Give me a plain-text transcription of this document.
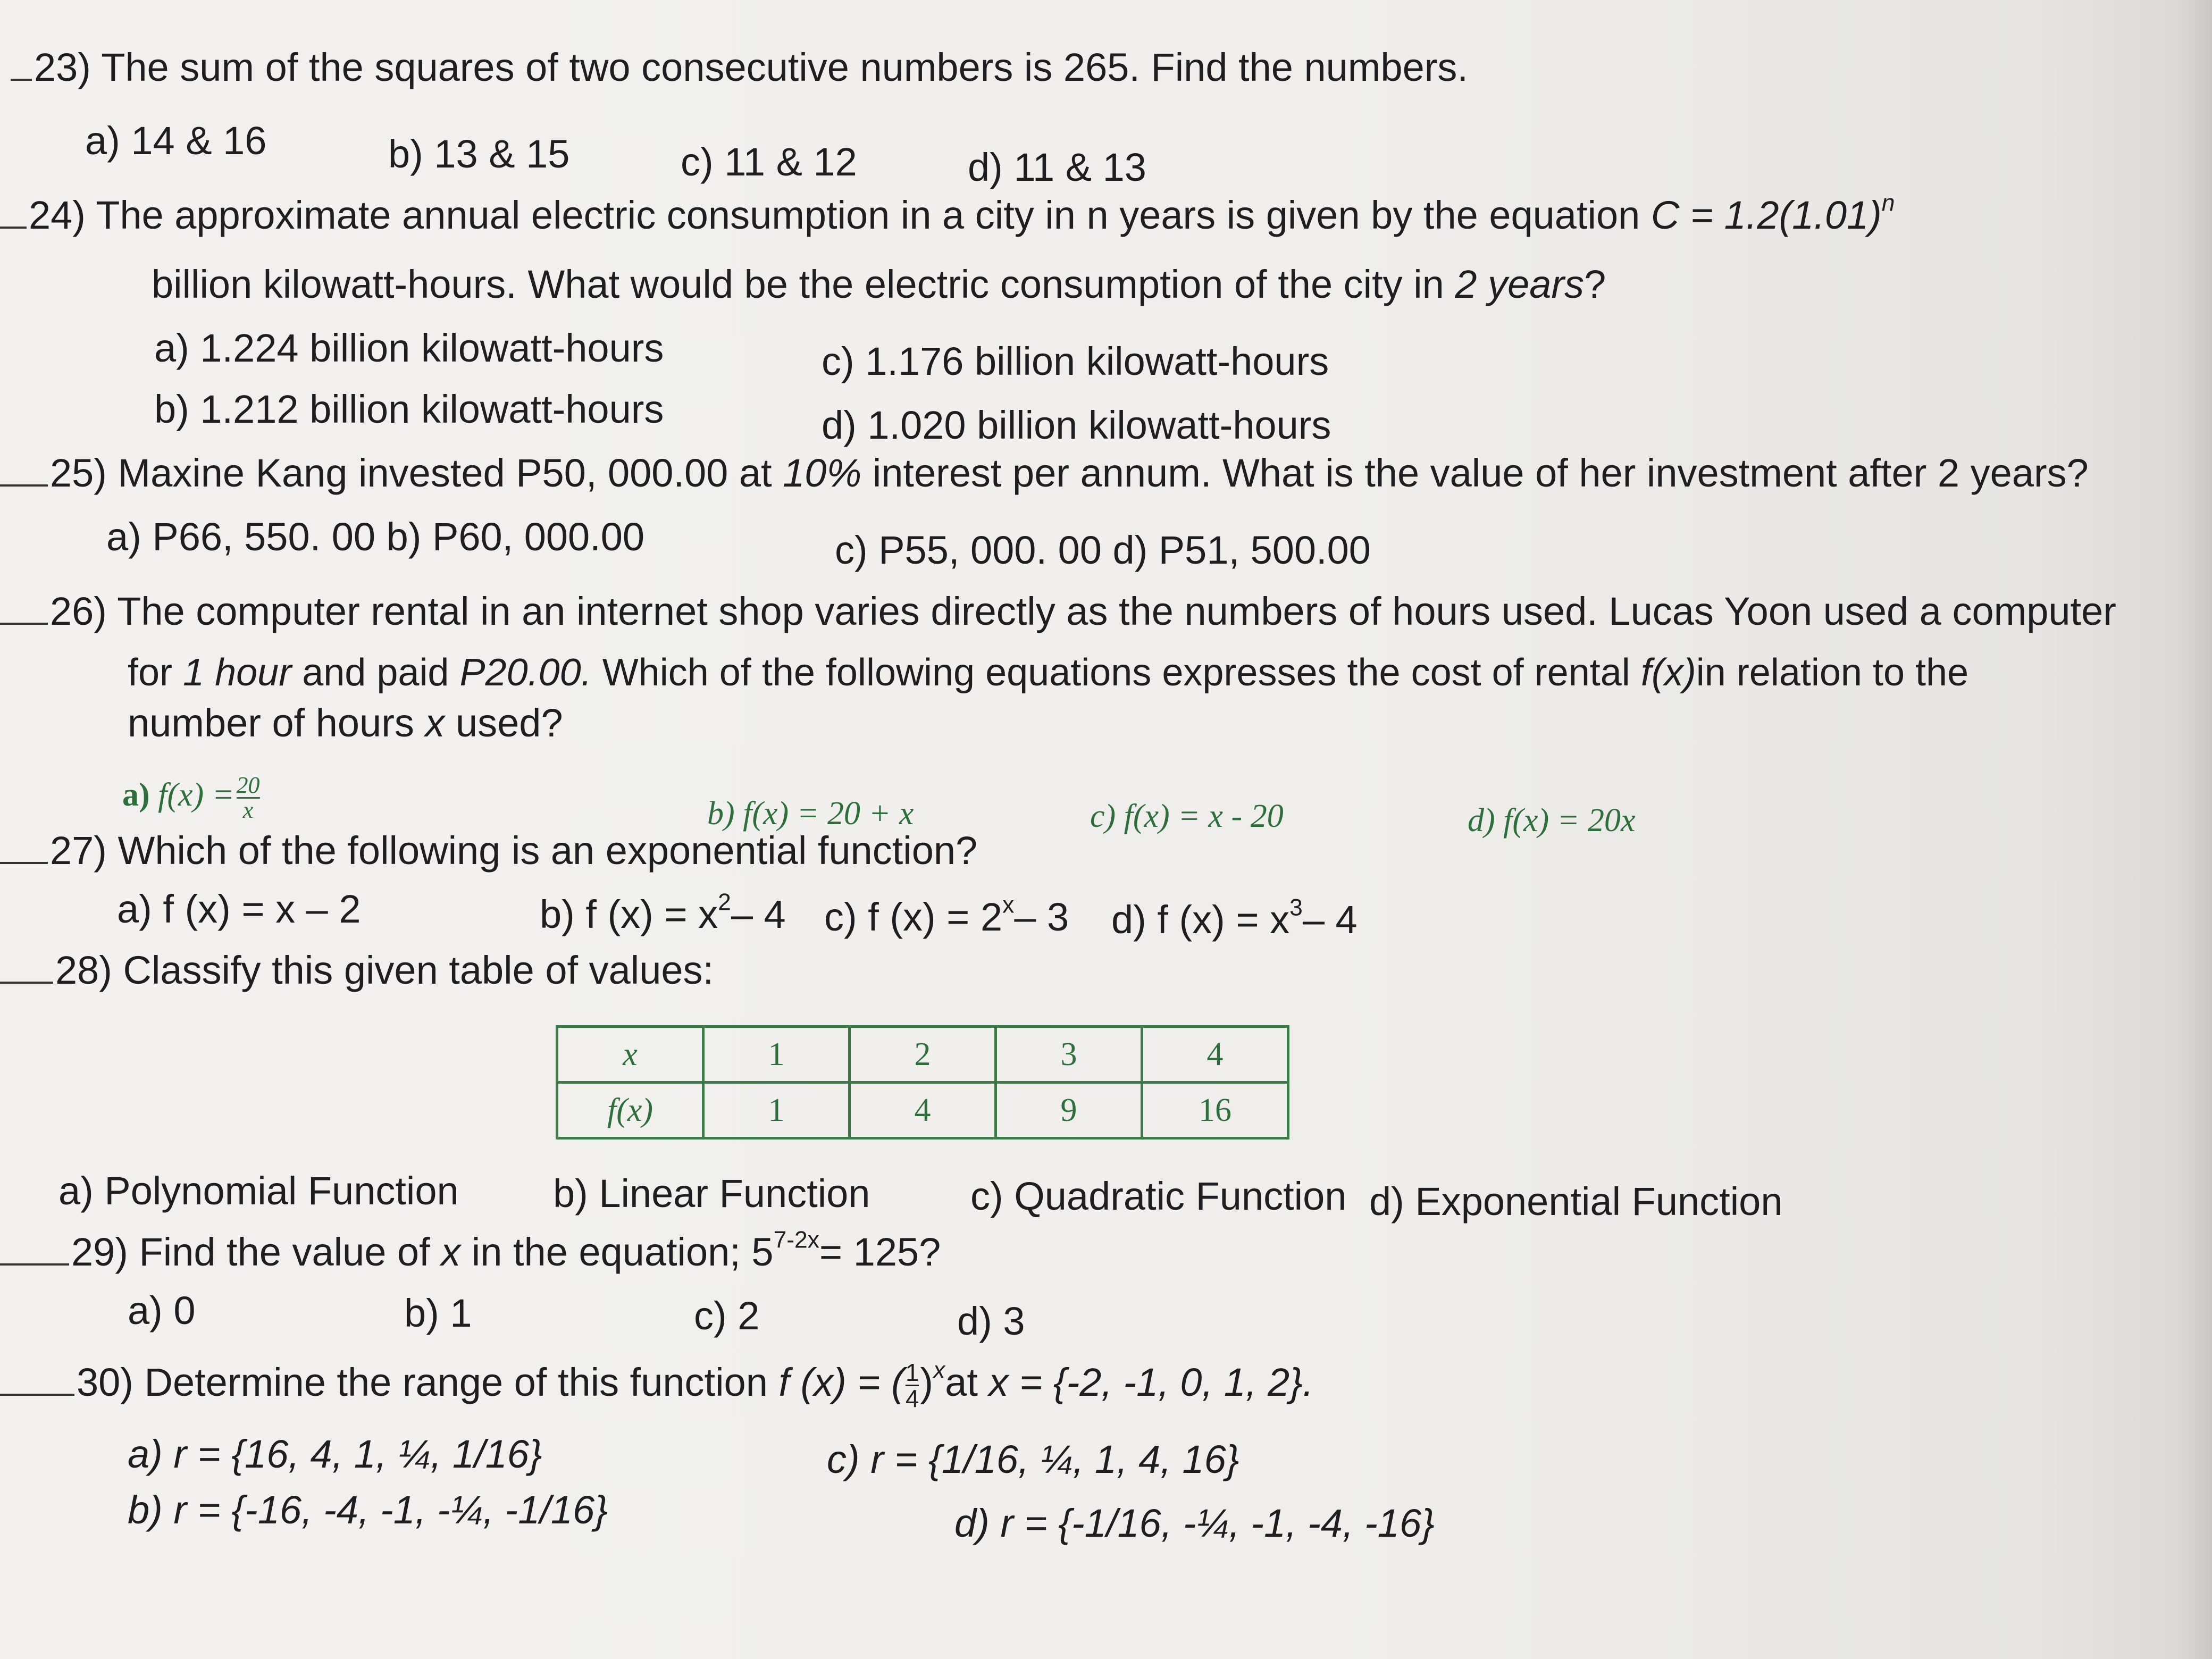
23) The sum of the squares of two consecutive numbers is 265. Find the numbers.
a) 14 & 16	b) 13 & 15	c) 11 & 12	d) 11 & 13
24) The approximate annual electric consumption in a city in n years is given by the equation $C = 1.2(1.01)^n$
billion kilowatt-hours. What would be the electric consumption of the city in 2 years?
a) 1.224 billion kilowatt-hours
b) 1.212 billion kilowatt-hours
c) 1.176 billion kilowatt-hours
d) 1.020 billion kilowatt-hours
25) Maxine Kang invested P50, 000.00 at 10% interest per annum. What is the value of her investment after 2 years?
a) P66, 550. 00 b) P60, 000.00	c) P55, 000. 00 d) P51, 500.00
26) The computer rental in an internet shop varies directly as the numbers of hours used. Lucas Yoon used a computer
for 1 hour and paid P20.00. Which of the following equations expresses the cost of rental f(x)in relation to the
number of hours x used?
a) $f(x) = \frac{20}{x}$	b) f(x) = 20 + x	c) f(x) = x - 20	d) f(x) = 20x
27) Which of the following is an exponential function?
a) f (x) = x – 2	b) f $(x) = x^2-$ 4 c) f $(x) = 2^x-$ 3 d) f $(x) = x^3-$ 4
28) Classify this given table of values:
x	1	2	3	4
f(x)	1	4	9	16
a) Polynomial Function b) Linear Function	c) Quadratic Function d) Exponential Function
29) Find the value of x in the equation; $5^{7-2x}= 125$?
a) 0	b) 1	c) 2	d) 3
30) Determine the range of this function f (x) = ( $\frac{1}{4} )^xat$ x = {-2, -1, 0, 1, 2}.
a) r = {16, 4, 1, ¼, 1/16}
b) r = {-16, -4, -1, -¼, -1/16}
c) r = {1/16, ¼, 1, 4, 16}
d) r = {-1/16, -¼, -1, -4, -16}
